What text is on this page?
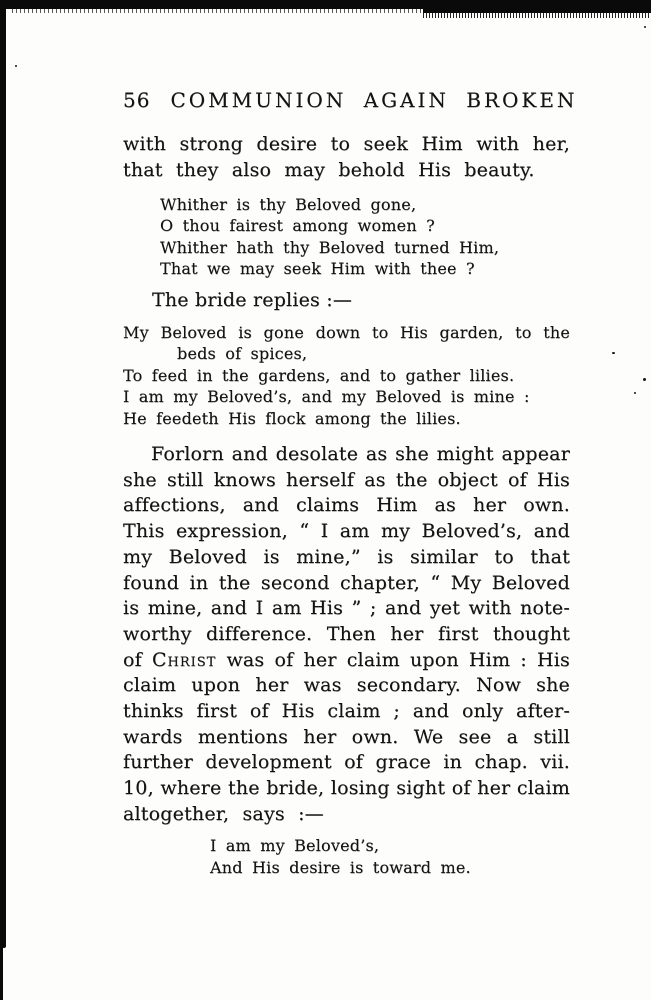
56 COMMUNION AGAIN BROKEN
with strong desire to seek Him with her,
that they also may behold His beauty.
Whither is thy Beloved gone,
O thou fairest among women ?
Whither hath thy Beloved turned Him,
That we may seek Him with thee ?
The bride replies :—
My Beloved is gone down to His garden, to the
beds of spices,
To feed in the gardens, and to gather lilies.
I am my Beloved’s, and my Beloved is mine :
He feedeth His flock among the lilies.
Forlorn and desolate as she might appear
she still knows herself as the object of His
affections, and claims Him as her own.
This expression, “ I am my Beloved’s, and
my Beloved is mine,” is similar to that
found in the second chapter, “ My Beloved
is mine, and I am His ” ; and yet with note-
worthy difference. Then her first thought
of Christ was of her claim upon Him : His
claim upon her was secondary. Now she
thinks first of His claim ; and only after-
wards mentions her own. We see a still
further development of grace in chap. vii.
10, where the bride, losing sight of her claim
altogether, says :—
I am my Beloved’s,
And His desire is toward me.
